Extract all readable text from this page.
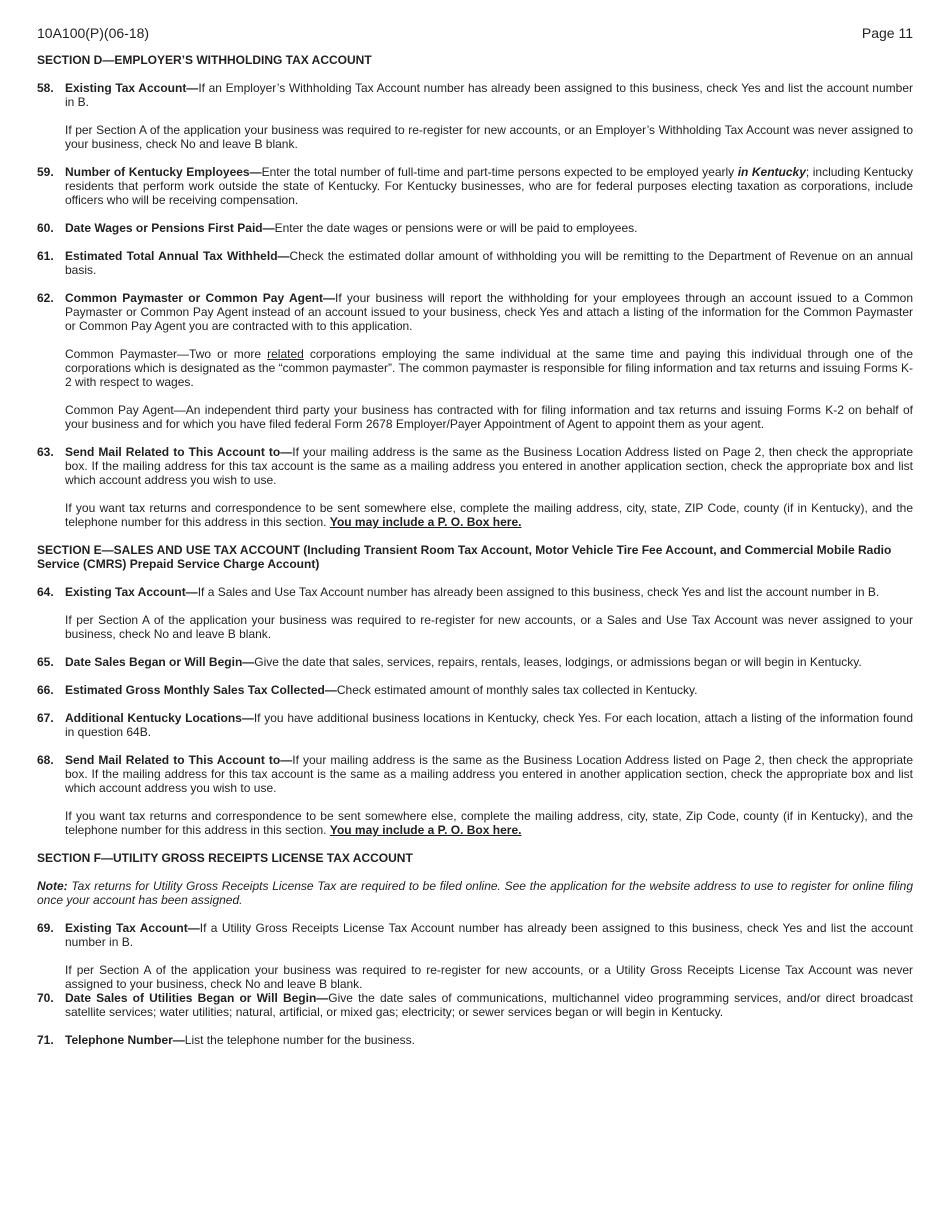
10A100(P)(06-18)	Page 11
SECTION D—EMPLOYER’S WITHHOLDING TAX ACCOUNT
58. Existing Tax Account—If an Employer’s Withholding Tax Account number has already been assigned to this business, check Yes and list the account number in B.
If per Section A of the application your business was required to re-register for new accounts, or an Employer’s Withholding Tax Account was never assigned to your business, check No and leave B blank.
59. Number of Kentucky Employees—Enter the total number of full-time and part-time persons expected to be employed yearly in Kentucky; including Kentucky residents that perform work outside the state of Kentucky. For Kentucky businesses, who are for federal purposes electing taxation as corporations, include officers who will be receiving compensation.
60. Date Wages or Pensions First Paid—Enter the date wages or pensions were or will be paid to employees.
61. Estimated Total Annual Tax Withheld—Check the estimated dollar amount of withholding you will be remitting to the Department of Revenue on an annual basis.
62. Common Paymaster or Common Pay Agent—If your business will report the withholding for your employees through an account issued to a Common Paymaster or Common Pay Agent instead of an account issued to your business, check Yes and attach a listing of the information for the Common Paymaster or Common Pay Agent you are contracted with to this application.
Common Paymaster—Two or more related corporations employing the same individual at the same time and paying this individual through one of the corporations which is designated as the “common paymaster”. The common paymaster is responsible for filing information and tax returns and issuing Forms K-2 with respect to wages.
Common Pay Agent—An independent third party your business has contracted with for filing information and tax returns and issuing Forms K-2 on behalf of your business and for which you have filed federal Form 2678 Employer/Payer Appointment of Agent to appoint them as your agent.
63. Send Mail Related to This Account to—If your mailing address is the same as the Business Location Address listed on Page 2, then check the appropriate box. If the mailing address for this tax account is the same as a mailing address you entered in another application section, check the appropriate box and list which account address you wish to use.
If you want tax returns and correspondence to be sent somewhere else, complete the mailing address, city, state, ZIP Code, county (if in Kentucky), and the telephone number for this address in this section. You may include a P. O. Box here.
SECTION E—SALES AND USE TAX ACCOUNT (Including Transient Room Tax Account, Motor Vehicle Tire Fee Account, and Commercial Mobile Radio Service (CMRS) Prepaid Service Charge Account)
64. Existing Tax Account—If a Sales and Use Tax Account number has already been assigned to this business, check Yes and list the account number in B.
If per Section A of the application your business was required to re-register for new accounts, or a Sales and Use Tax Account was never assigned to your business, check No and leave B blank.
65. Date Sales Began or Will Begin—Give the date that sales, services, repairs, rentals, leases, lodgings, or admissions began or will begin in Kentucky.
66. Estimated Gross Monthly Sales Tax Collected—Check estimated amount of monthly sales tax collected in Kentucky.
67. Additional Kentucky Locations—If you have additional business locations in Kentucky, check Yes. For each location, attach a listing of the information found in question 64B.
68. Send Mail Related to This Account to—If your mailing address is the same as the Business Location Address listed on Page 2, then check the appropriate box. If the mailing address for this tax account is the same as a mailing address you entered in another application section, check the appropriate box and list which account address you wish to use.
If you want tax returns and correspondence to be sent somewhere else, complete the mailing address, city, state, Zip Code, county (if in Kentucky), and the telephone number for this address in this section. You may include a P. O. Box here.
SECTION F—UTILITY GROSS RECEIPTS LICENSE TAX ACCOUNT
Note: Tax returns for Utility Gross Receipts License Tax are required to be filed online. See the application for the website address to use to register for online filing once your account has been assigned.
69. Existing Tax Account—If a Utility Gross Receipts License Tax Account number has already been assigned to this business, check Yes and list the account number in B.
If per Section A of the application your business was required to re-register for new accounts, or a Utility Gross Receipts License Tax Account was never assigned to your business, check No and leave B blank.
70. Date Sales of Utilities Began or Will Begin—Give the date sales of communications, multichannel video programming services, and/or direct broadcast satellite services; water utilities; natural, artificial, or mixed gas; electricity; or sewer services began or will begin in Kentucky.
71. Telephone Number—List the telephone number for the business.
